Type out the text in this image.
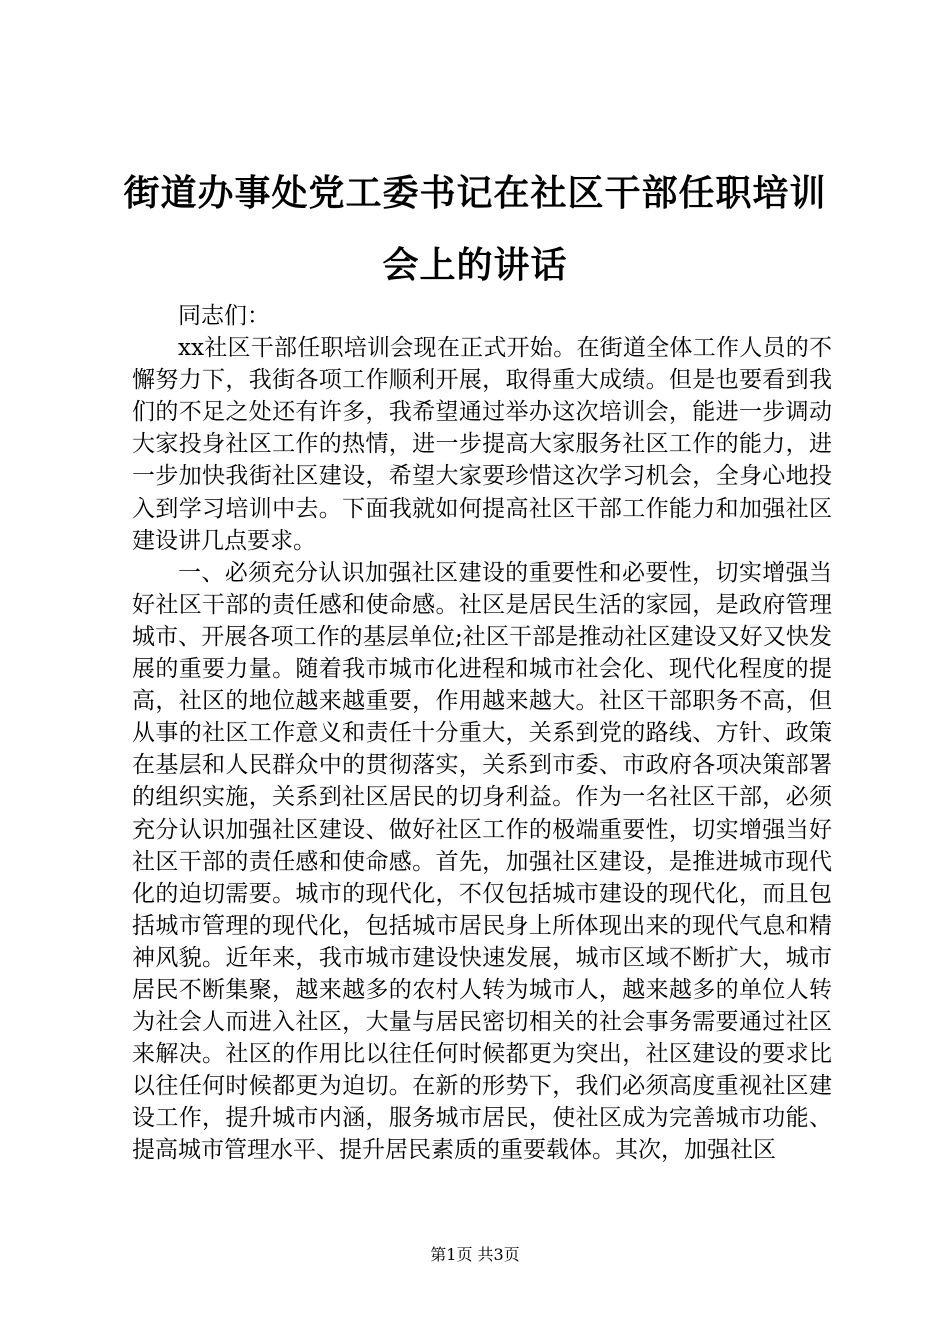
街道办事处党工委书记在社区干部任职培训会上的讲话

同志们：

xx社区干部任职培训会现在正式开始。在街道全体工作人员的不懈努力下，我街各项工作顺利开展，取得重大成绩。但是也要看到我们的不足之处还有许多，我希望通过举办这次培训会，能进一步调动大家投身社区工作的热情，进一步提高大家服务社区工作的能力，进一步加快我街社区建设，希望大家要珍惜这次学习机会，全身心地投入到学习培训中去。下面我就如何提高社区干部工作能力和加强社区建设讲几点要求。

一、必须充分认识加强社区建设的重要性和必要性，切实增强当好社区干部的责任感和使命感。社区是居民生活的家园，是政府管理城市、开展各项工作的基层单位;社区干部是推动社区建设又好又快发展的重要力量。随着我市城市化进程和城市社会化、现代化程度的提高，社区的地位越来越重要，作用越来越大。社区干部职务不高，但从事的社区工作意义和责任十分重大，关系到党的路线、方针、政策在基层和人民群众中的贯彻落实，关系到市委、市政府各项决策部署的组织实施，关系到社区居民的切身利益。作为一名社区干部，必须充分认识加强社区建设、做好社区工作的极端重要性，切实增强当好社区干部的责任感和使命感。首先，加强社区建设，是推进城市现代化的迫切需要。城市的现代化，不仅包括城市建设的现代化，而且包括城市管理的现代化，包括城市居民身上所体现出来的现代气息和精神风貌。近年来，我市城市建设快速发展，城市区域不断扩大，城市居民不断集聚，越来越多的农村人转为城市人，越来越多的单位人转为社会人而进入社区，大量与居民密切相关的社会事务需要通过社区来解决。社区的作用比以往任何时候都更为突出，社区建设的要求比以往任何时候都更为迫切。在新的形势下，我们必须高度重视社区建设工作，提升城市内涵，服务城市居民，使社区成为完善城市功能、提高城市管理水平、提升居民素质的重要载体。其次，加强社区

第1页 共3页
